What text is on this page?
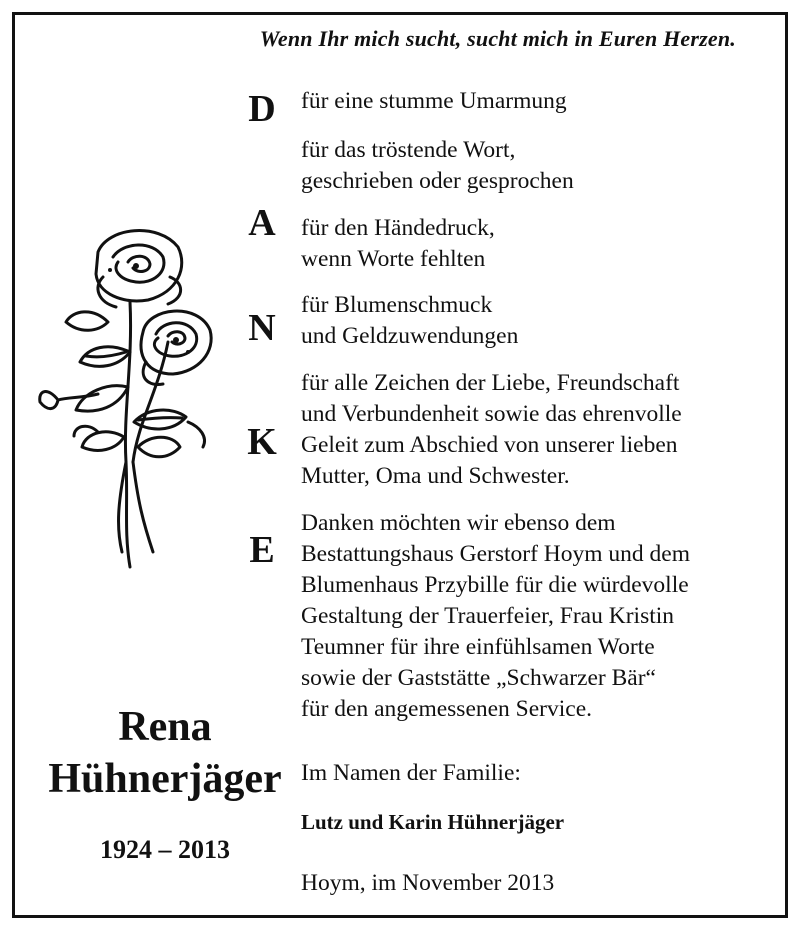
Wenn Ihr mich sucht, sucht mich in Euren Herzen.
D
A
N
K
E
für eine stumme Umarmung
für das tröstende Wort,
geschrieben oder gesprochen
für den Händedruck,
wenn Worte fehlten
für Blumenschmuck
und Geldzuwendungen
für alle Zeichen der Liebe, Freundschaft
und Verbundenheit sowie das ehrenvolle
Geleit zum Abschied von unserer lieben
Mutter, Oma und Schwester.
Danken möchten wir ebenso dem
Bestattungshaus Gerstorf Hoym und dem
Blumenhaus Przybille für die würdevolle
Gestaltung der Trauerfeier, Frau Kristin
Teumner für ihre einfühlsamen Worte
sowie der Gaststätte „Schwarzer Bär“
für den angemessenen Service.
Rena
Hühnerjäger
1924 – 2013
Im Namen der Familie:
Lutz und Karin Hühnerjäger
Hoym, im November 2013
